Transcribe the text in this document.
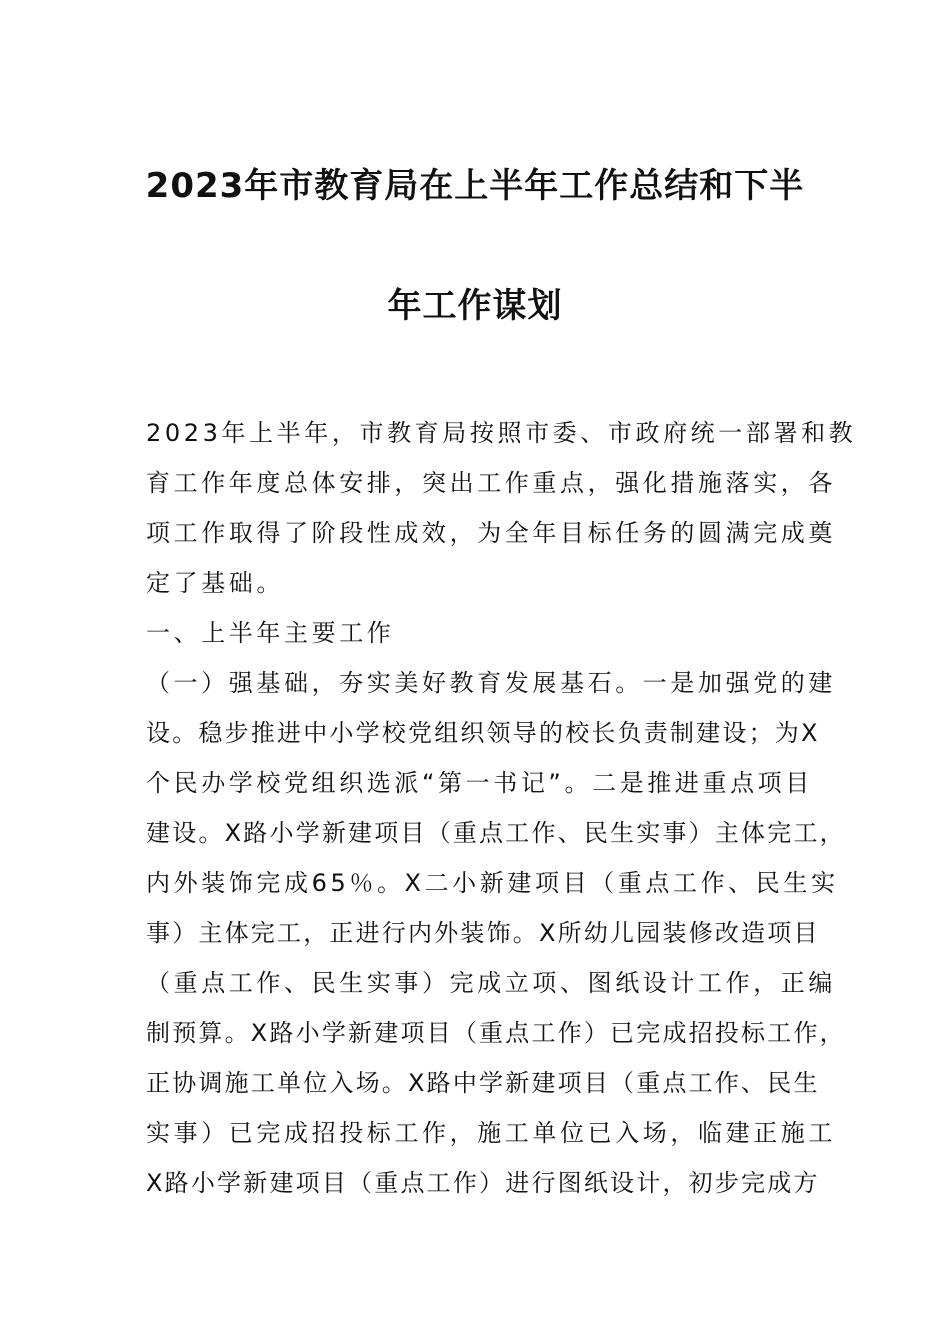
2023年市教育局在上半年工作总结和下半
年工作谋划
2023年上半年，市教育局按照市委、市政府统一部署和教
育工作年度总体安排，突出工作重点，强化措施落实，各
项工作取得了阶段性成效，为全年目标任务的圆满完成奠
定了基础。
一、上半年主要工作
（一）强基础，夯实美好教育发展基石。一是加强党的建
设。稳步推进中小学校党组织领导的校长负责制建设；为X
个民办学校党组织选派“第一书记”。二是推进重点项目
建设。X路小学新建项目（重点工作、民生实事）主体完工，
内外装饰完成65％。X二小新建项目（重点工作、民生实
事）主体完工，正进行内外装饰。X所幼儿园装修改造项目
（重点工作、民生实事）完成立项、图纸设计工作，正编
制预算。X路小学新建项目（重点工作）已完成招投标工作，
正协调施工单位入场。X路中学新建项目（重点工作、民生
实事）已完成招投标工作，施工单位已入场，临建正施工
X路小学新建项目（重点工作）进行图纸设计，初步完成方
